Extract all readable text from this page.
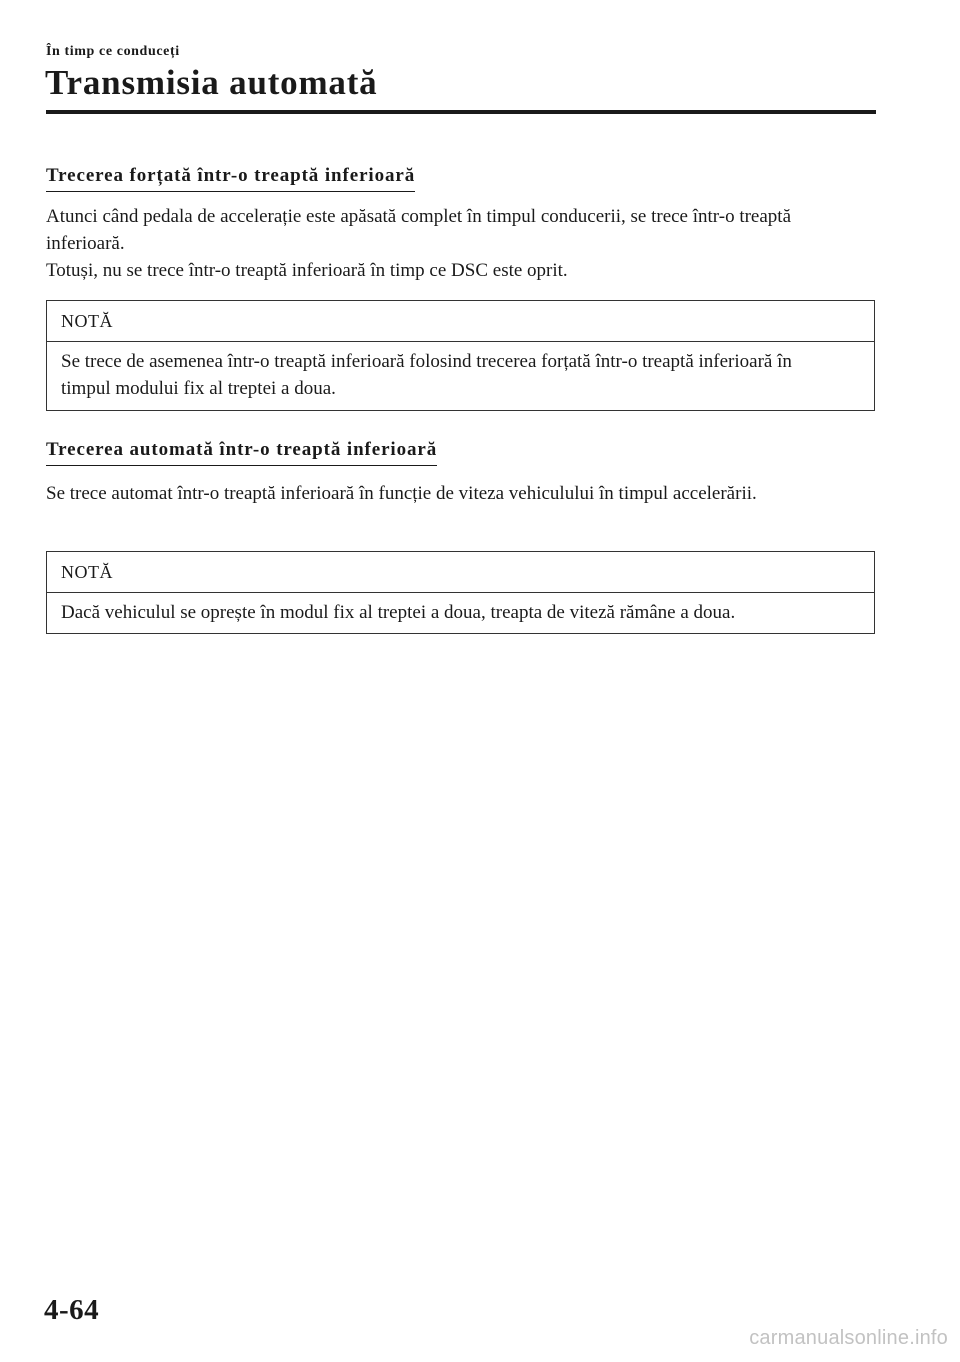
În timp ce conduceți
Transmisia automată
Trecerea forțată într-o treaptă inferioară

Atunci când pedala de accelerație este apăsată complet în timpul conducerii, se trece într-o treaptă inferioară.

Totuși, nu se trece într-o treaptă inferioară în timp ce DSC este oprit.

NOTĂ
Se trece de asemenea într-o treaptă inferioară folosind trecerea forțată într-o treaptă inferioară în timpul modului fix al treptei a doua.
Trecerea automată într-o treaptă inferioară

Se trece automat într-o treaptă inferioară în funcție de viteza vehiculului în timpul accelerării.

NOTĂ
Dacă vehiculul se oprește în modul fix al treptei a doua, treapta de viteză rămâne a doua.
4-64
carmanualsonline.info
